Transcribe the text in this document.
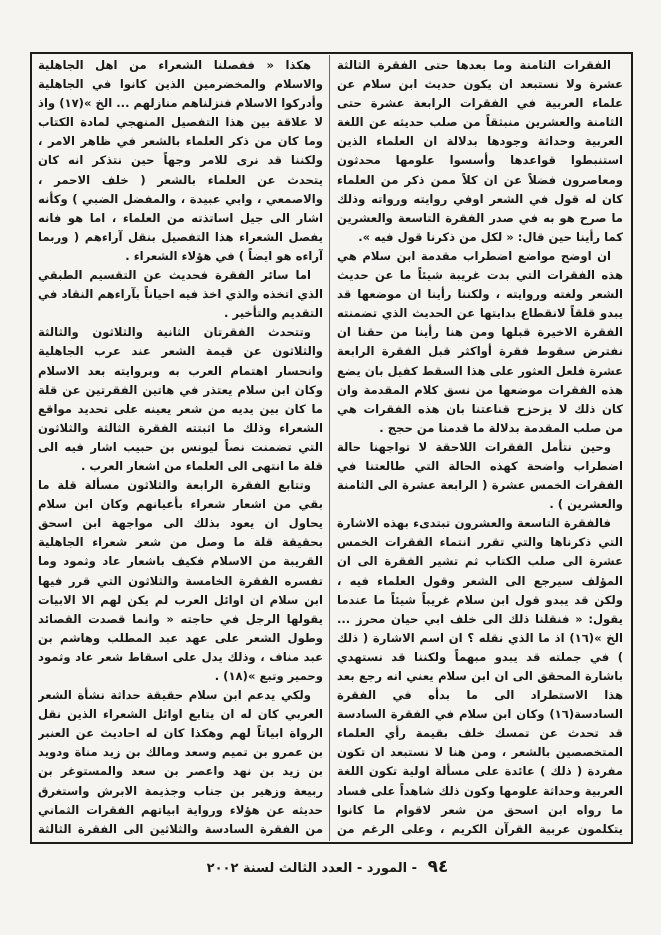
الفقرات الثامنة وما بعدها حتى الفقرة الثالثة عشرة ولا نستبعد ان يكون حديث ابن سلام عن علماء العربية في الفقرات الرابعة عشرة حتى الثامنة والعشرين منبثقاً من صلب حديثه عن اللغة العربية وحداثة وجودها بدلالة ان العلماء الذين استنبطوا قواعدها وأسسوا علومها محدثون ومعاصرون فضلاً عن ان كلاً ممن ذكر من العلماء كان له قول في الشعر اوفي روايته ورواته وذلك ما صرح هو به في صدر الفقرة التاسعة والعشرين كما رأينا حين قال: « لكل من ذكرنا قول فيه ».

ان اوضح مواضع اضطراب مقدمة ابن سلام هي هذه الفقرات التي بدت غريبة شيئاً ما عن حديث الشعر ولغته وروايته ، ولكننا رأينا ان موضعها قد يبدو قلقاً لانقطاع بدايتها عن الحديث الذي تضمنته الفقرة الاخيرة قبلها ومن هنا رأينا من حقنا ان نفترض سقوط فقرة أواكثر قبل الفقرة الرابعة عشرة فلعل العثور على هذا السقط كفيل بان يضع هذه الفقرات موضعها من نسق كلام المقدمة وان كان ذلك لا يزحزح قناعتنا بان هذه الفقرات هي من صلب المقدمة بدلالة ما قدمنا من حجج .

وحين نتأمل الفقرات اللاحقة لا تواجهنا حالة اضطراب واضحة كهذه الحالة التي طالعتنا في الفقرات الخمس عشرة ( الرابعة عشرة الى الثامنة والعشرين ) .

فالفقرة التاسعة والعشرون تبتدىء بهذه الاشارة التي ذكرناها والتي تقرر انتماء الفقرات الخمس عشرة الى صلب الكتاب ثم تشير الفقرة الى ان المؤلف سيرجع الى الشعر وقول العلماء فيه ، ولكن قد يبدو قول ابن سلام غريباً شيئاً ما عندما يقول: « فنقلنا ذلك الى خلف ابي حيان محرز ... الخ »(١٦) اذ ما الذي نقله ؟ ان اسم الاشارة ( ذلك ) في جملته قد يبدو مبهماً ولكننا قد نستهدي باشارة المحقق الى ان ابن سلام يعني انه رجع بعد هذا الاستطراد الى ما بدأه في الفقرة السادسة(١٦) وكان ابن سلام في الفقرة السادسة قد تحدث عن تمسك خلف بقيمة رأي العلماء المتخصصين بالشعر ، ومن هنا لا نستبعد ان تكون مفردة ( ذلك ) عائدة على مسألة اولية تكون اللغة العربية وحداثة علومها وكون ذلك شاهداً على فساد ما رواه ابن اسحق من شعر لاقوام ما كانوا يتكلمون عربية القرآن الكريم ، وعلى الرغم من

هكذا « ففصلنا الشعراء من اهل الجاهلية والاسلام والمخضرمين الذين كانوا في الجاهلية وأدركوا الاسلام فنزلناهم منازلهم ... الخ »(١٧) واذ لا علاقة بين هذا التفصيل المنهجي لمادة الكتاب وما كان من ذكر العلماء بالشعر في ظاهر الامر ، ولكننا قد نرى للامر وجهاً حين نتذكر انه كان يتحدث عن العلماء بالشعر ( خلف الاحمر ، والاصمعي ، وابي عبيدة ، والمفضل الضبي ) وكأنه اشار الى جيل اساتذته من العلماء ، اما هو فانه يفصل الشعراء هذا التفصيل بنقل آراءهم ( وربما آراءه هو ايضاً ) في هؤلاء الشعراء .

اما سائر الفقرة فحديث عن التقسيم الطبقي الذي اتخذه والذي اخذ فيه احياناً بآراءهم النقاد في التقديم والتأخير .

وتتحدث الفقرتان الثانية والثلاثون والثالثة والثلاثون عن قيمة الشعر عند عرب الجاهلية وانحسار اهتمام العرب به وبروايته بعد الاسلام وكان ابن سلام يعتذر في هاتين الفقرتين عن قلة ما كان بين يديه من شعر يعينه على تحديد مواقع الشعراء وذلك ما اثبتته الفقرة الثالثة والثلاثون التي تضمنت نصاً ليونس بن حبيب اشار فيه الى قلة ما انتهى الى العلماء من اشعار العرب .

وتتابع الفقرة الرابعة والثلاثون مسألة قلة ما بقي من اشعار شعراء بأعيانهم وكان ابن سلام يحاول ان يعود بذلك الى مواجهة ابن اسحق بحقيقة قلة ما وصل من شعر شعراء الجاهلية القريبة من الاسلام فكيف باشعار عاد وثمود وما تفسره الفقرة الخامسة والثلاثون التي قرر فيها ابن سلام ان اوائل العرب لم يكن لهم الا الابيات يقولها الرجل في حاجته « وانما قصدت القصائد وطول الشعر على عهد عبد المطلب وهاشم بن عبد مناف ، وذلك يدل على اسقاط شعر عاد وثمود وحمير وتبع »(١٨) .

ولكي يدعم ابن سلام حقيقة حداثة نشأة الشعر العربي كان له ان يتابع اوائل الشعراء الذين نقل الرواة ابياتاً لهم وهكذا كان له احاديث عن العنبر بن عمرو بن تميم وسعد ومالك بن زيد مناة ودويد بن زيد بن نهد واعصر بن سعد والمستوغر بن ربيعة وزهير بن جناب وجذيمة الابرش واستغرق حديثه عن هؤلاء ورواية ابياتهم الفقرات الثماني من الفقرة السادسة والثلاثين الى الفقرة الثالثة

٩٤ - المورد - العدد الثالث لسنة ٢٠٠٢
